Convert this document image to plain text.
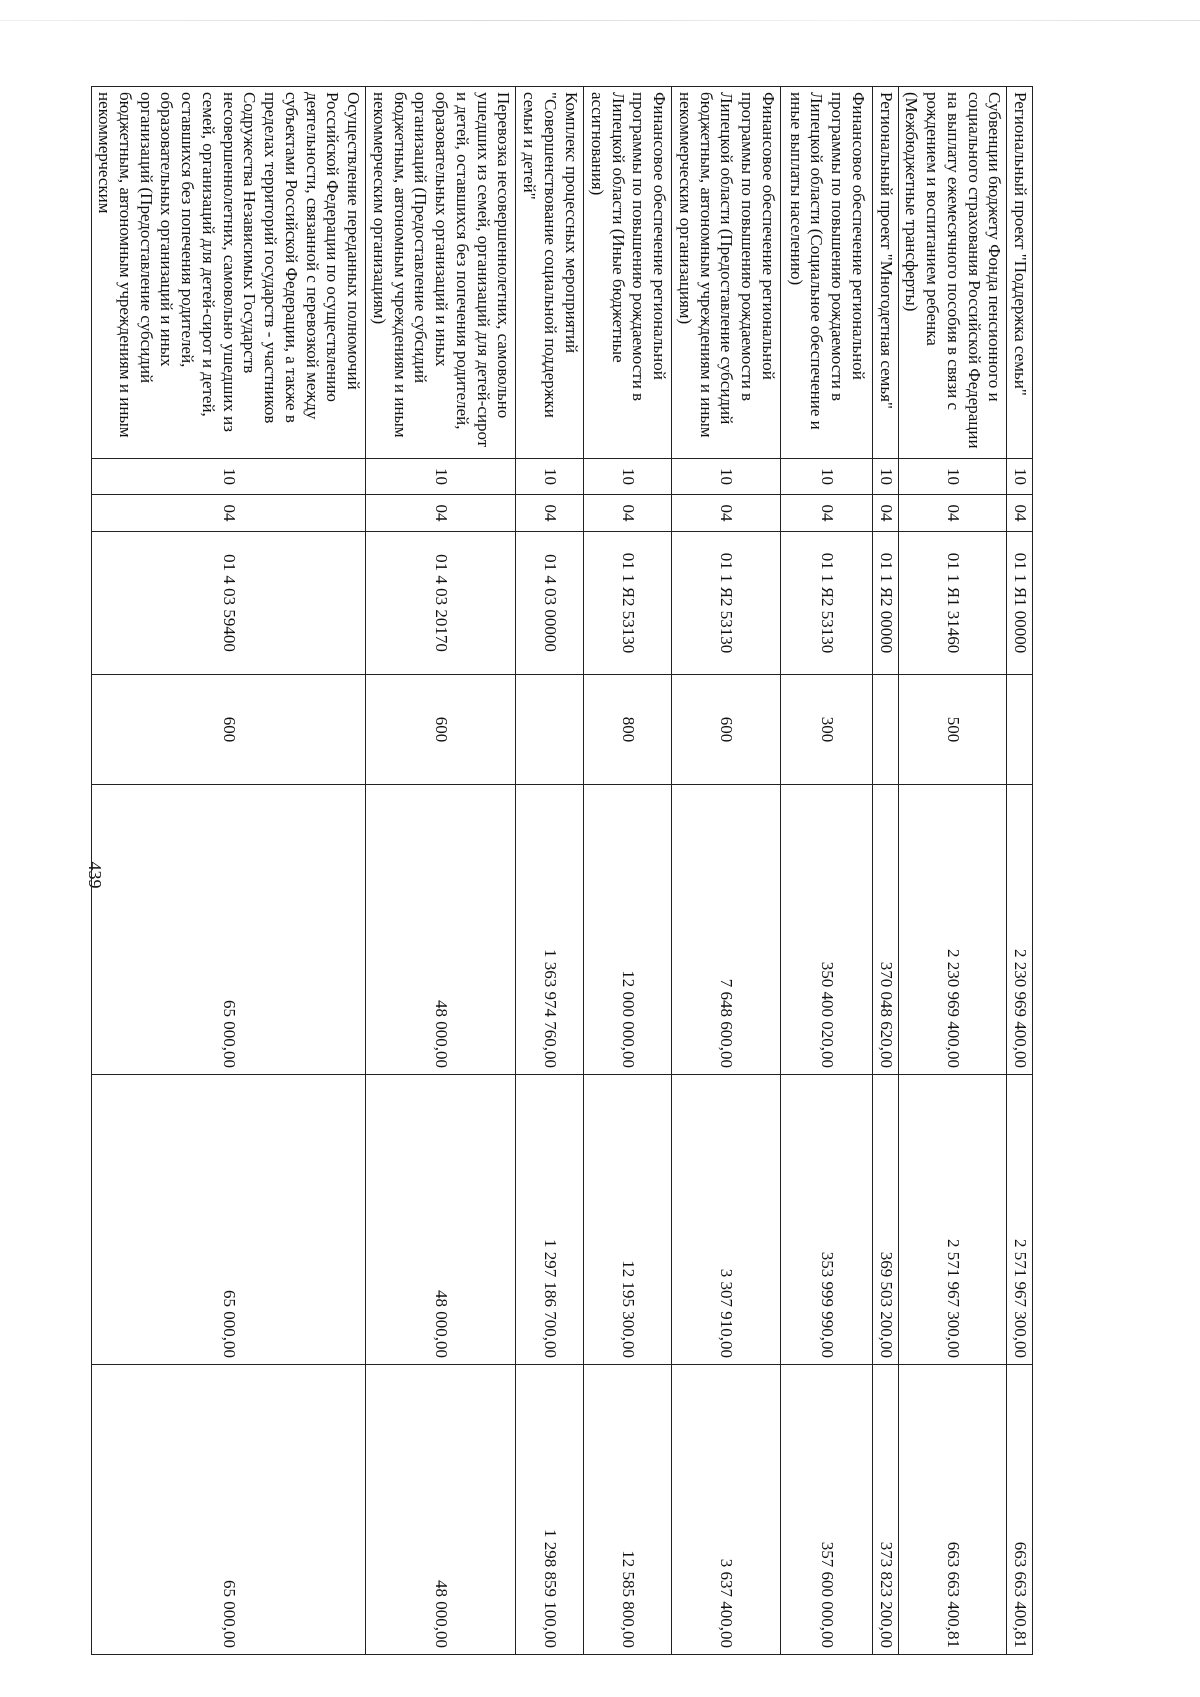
439
Региональный проект "Поддержка семьи"	10	04	01 1 Я1 00000		2 230 969 400,00	2 571 967 300,00	663 663 400,81
Субвенции бюджету Фонда пенсионного и социального страхования Российской Федерации на выплату ежемесячного пособия в связи с рождением и воспитанием ребенка (Межбюджетные трансферты)	10	04	01 1 Я1 31460	500	2 230 969 400,00	2 571 967 300,00	663 663 400,81
Региональный проект "Многодетная семья"	10	04	01 1 Я2 00000		370 048 620,00	369 503 200,00	373 823 200,00
Финансовое обеспечение региональной программы по повышению рождаемости в Липецкой области (Социальное обеспечение и иные выплаты населению)	10	04	01 1 Я2 53130	300	350 400 020,00	353 999 990,00	357 600 000,00
Финансовое обеспечение региональной программы по повышению рождаемости в Липецкой области (Предоставление субсидий бюджетным, автономным учреждениям и иным некоммерческим организациям)	10	04	01 1 Я2 53130	600	7 648 600,00	3 307 910,00	3 637 400,00
Финансовое обеспечение региональной программы по повышению рождаемости в Липецкой области (Иные бюджетные ассигнования)	10	04	01 1 Я2 53130	800	12 000 000,00	12 195 300,00	12 585 800,00
Комплекс процессных мероприятий "Совершенствование социальной поддержки семьи и детей"	10	04	01 4 03 00000		1 363 974 760,00	1 297 186 700,00	1 298 859 100,00
Перевозка несовершеннолетних, самовольно ушедших из семей, организаций для детей-сирот и детей, оставшихся без попечения родителей, образовательных организаций и иных организаций (Предоставление субсидий бюджетным, автономным учреждениям и иным некоммерческим организациям)	10	04	01 4 03 20170	600	48 000,00	48 000,00	48 000,00
Осуществление переданных полномочий Российской Федерации по осуществлению деятельности, связанной с перевозкой между субъектами Российской Федерации, а также в пределах территорий государств - участников Содружества Независимых Государств несовершеннолетних, самовольно ушедших из семей, организаций для детей-сирот и детей, оставшихся без попечения родителей, образовательных организаций и иных организаций (Предоставление субсидий бюджетным, автономным учреждениям и иным некоммерческим	10	04	01 4 03 59400	600	65 000,00	65 000,00	65 000,00
